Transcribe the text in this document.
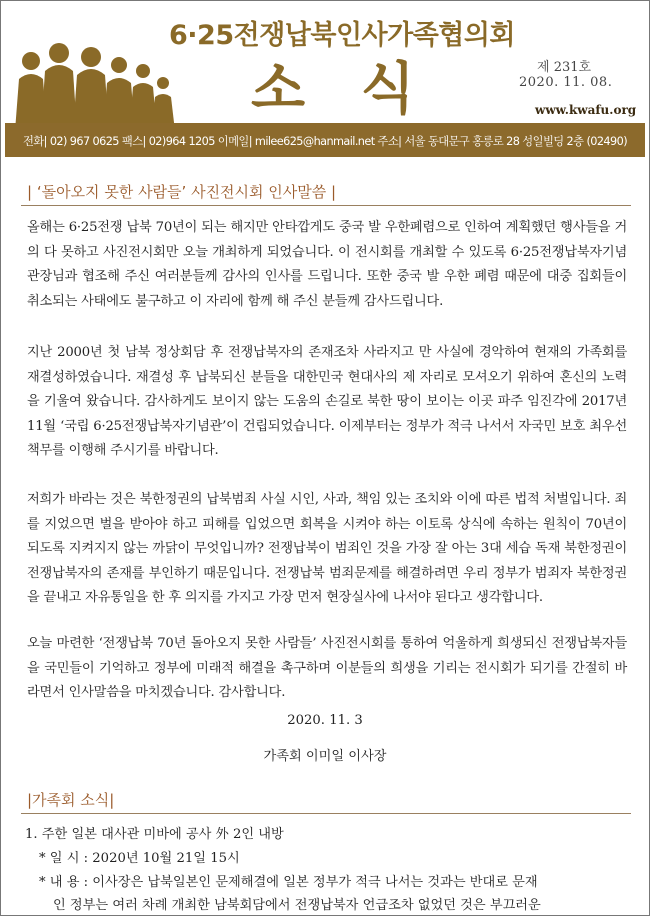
6·25전쟁납북인사가족협의회
소 식	제 231호
2020. 11. 08.
www.kwafu.org
전화| 02) 967 0625 팩스| 02)964 1205 이메일| milee625@hanmail.net 주소| 서울 동대문구 홍릉로 28 성일빌딩 2층 (02490)
| ‘돌아오지 못한 사람들’ 사진전시회 인사말씀 |
올해는 6·25전쟁 납북 70년이 되는 해지만 안타깝게도 중국 발 우한폐렴으로 인하여 계획했던 행사들을 거의 다 못하고 사진전시회만 오늘 개최하게 되었습니다. 이 전시회를 개최할 수 있도록 6·25전쟁납북자기념관장님과 협조해 주신 여러분들께 감사의 인사를 드립니다. 또한 중국 발 우한 폐렴 때문에 대중 집회들이 취소되는 사태에도 불구하고 이 자리에 함께 해 주신 분들께 감사드립니다.
지난 2000년 첫 남북 정상회담 후 전쟁납북자의 존재조차 사라지고 만 사실에 경악하여 현재의 가족회를 재결성하였습니다. 재결성 후 납북되신 분들을 대한민국 현대사의 제 자리로 모셔오기 위하여 혼신의 노력을 기울여 왔습니다. 감사하게도 보이지 않는 도움의 손길로 북한 땅이 보이는 이곳 파주 임진각에 2017년 11월 ‘국립 6·25전쟁납북자기념관’이 건립되었습니다. 이제부터는 정부가 적극 나서서 자국민 보호 최우선 책무를 이행해 주시기를 바랍니다.
저희가 바라는 것은 북한정권의 납북범죄 사실 시인, 사과, 책임 있는 조치와 이에 따른 법적 처벌입니다. 죄를 지었으면 벌을 받아야 하고 피해를 입었으면 회복을 시켜야 하는 이토록 상식에 속하는 원칙이 70년이 되도록 지켜지지 않는 까닭이 무엇입니까? 전쟁납북이 범죄인 것을 가장 잘 아는 3대 세습 독재 북한정권이 전쟁납북자의 존재를 부인하기 때문입니다. 전쟁납북 범죄문제를 해결하려면 우리 정부가 범죄자 북한정권을 끝내고 자유통일을 한 후 의지를 가지고 가장 먼저 현장실사에 나서야 된다고 생각합니다.
오늘 마련한 ‘전쟁납북 70년 돌아오지 못한 사람들’ 사진전시회를 통하여 억울하게 희생되신 전쟁납북자들을 국민들이 기억하고 정부에 미래적 해결을 촉구하며 이분들의 희생을 기리는 전시회가 되기를 간절히 바라면서 인사말씀을 마치겠습니다. 감사합니다.
2020. 11. 3
가족회 이미일 이사장
|가족회 소식|
1. 주한 일본 대사관 미바에 공사 外 2인 내방
* 일 시 : 2020년 10월 21일 15시
* 내 용 : 이사장은 납북일본인 문제해결에 일본 정부가 적극 나서는 것과는 반대로 문재
인 정부는 여러 차례 개최한 남북회담에서 전쟁납북자 언급조차 없었던 것은 부끄러운
